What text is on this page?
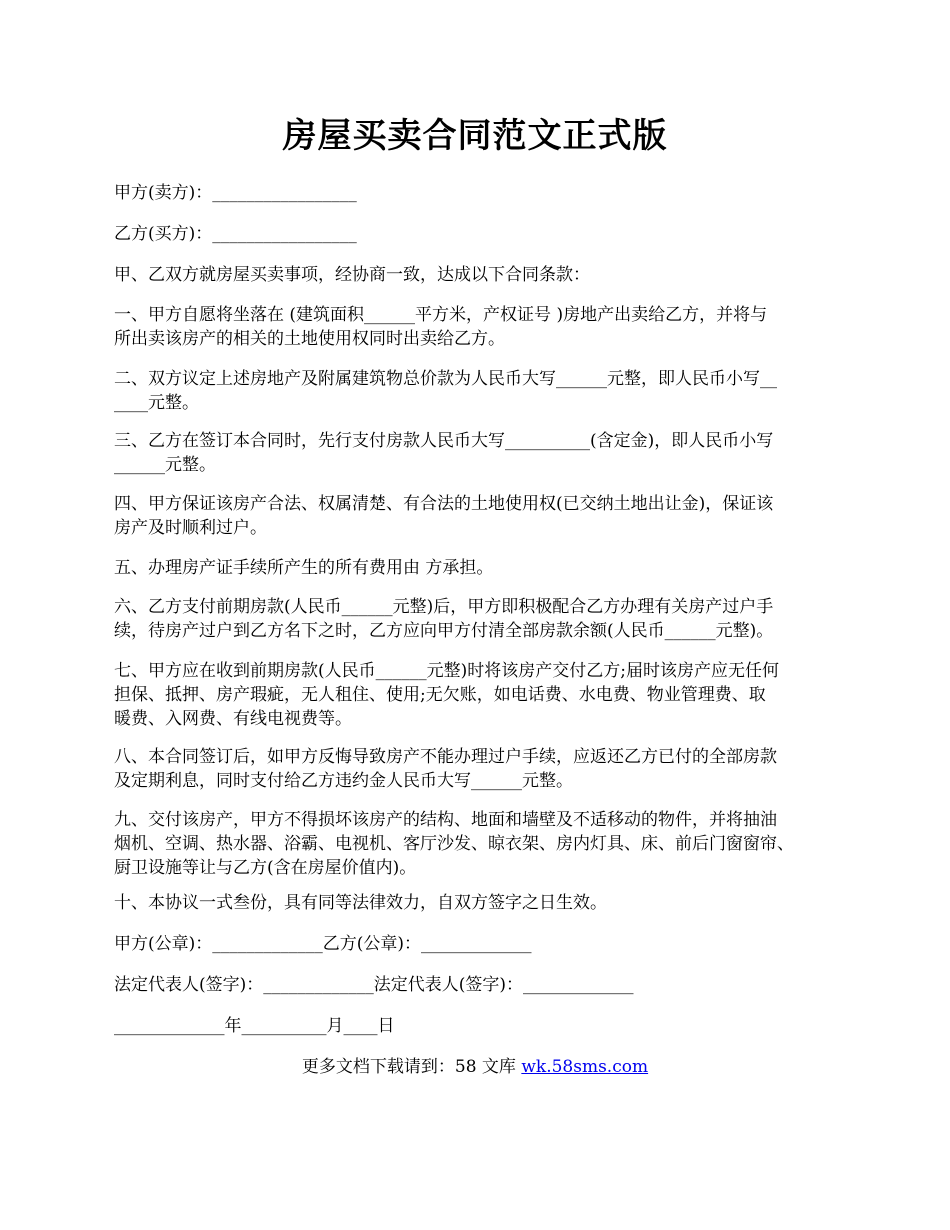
房屋买卖合同范文正式版

甲方(卖方)：_________________

乙方(买方)：_________________

甲、乙双方就房屋买卖事项，经协商一致，达成以下合同条款：

一、甲方自愿将坐落在 (建筑面积______平方米，产权证号 )房地产出卖给乙方，并将与
所出卖该房产的相关的土地使用权同时出卖给乙方。

二、双方议定上述房地产及附属建筑物总价款为人民币大写______元整，即人民币小写__
____元整。

三、乙方在签订本合同时，先行支付房款人民币大写__________(含定金)，即人民币小写
______元整。

四、甲方保证该房产合法、权属清楚、有合法的土地使用权(已交纳土地出让金)，保证该
房产及时顺利过户。

五、办理房产证手续所产生的所有费用由 方承担。

六、乙方支付前期房款(人民币______元整)后，甲方即积极配合乙方办理有关房产过户手
续，待房产过户到乙方名下之时，乙方应向甲方付清全部房款余额(人民币______元整)。

七、甲方应在收到前期房款(人民币______元整)时将该房产交付乙方;届时该房产应无任何
担保、抵押、房产瑕疵，无人租住、使用;无欠账，如电话费、水电费、物业管理费、取
暖费、入网费、有线电视费等。

八、本合同签订后，如甲方反悔导致房产不能办理过户手续，应返还乙方已付的全部房款
及定期利息，同时支付给乙方违约金人民币大写______元整。

九、交付该房产，甲方不得损坏该房产的结构、地面和墙壁及不适移动的物件，并将抽油
烟机、空调、热水器、浴霸、电视机、客厅沙发、晾衣架、房内灯具、床、前后门窗窗帘、
厨卫设施等让与乙方(含在房屋价值内)。

十、本协议一式叁份，具有同等法律效力，自双方签字之日生效。

甲方(公章)：_____________乙方(公章)：_____________

法定代表人(签字)：_____________法定代表人(签字)：_____________

_____________年__________月____日

更多文档下载请到：58 文库 wk.58sms.com
